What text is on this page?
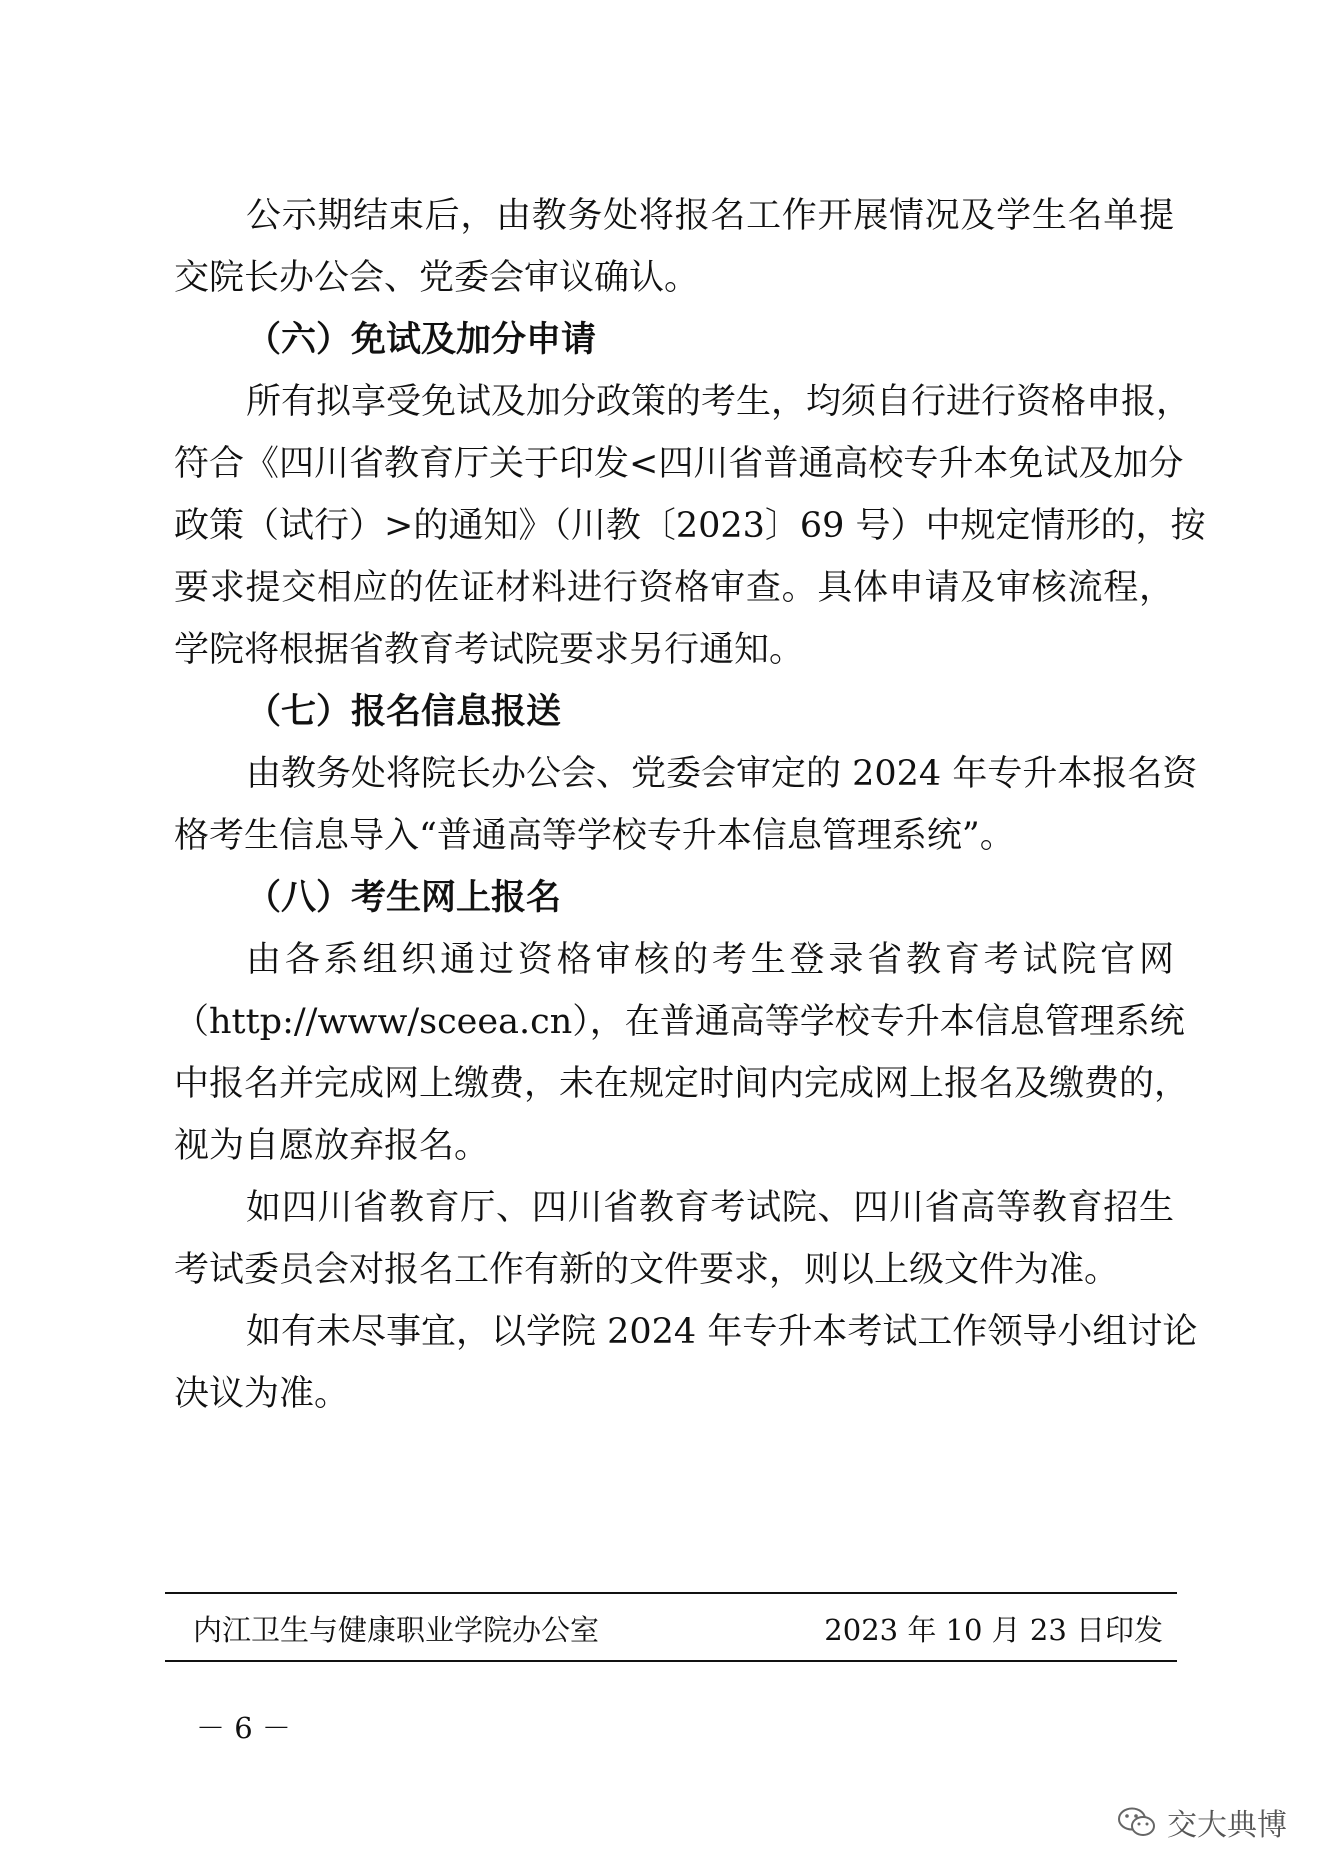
公示期结束后，由教务处将报名工作开展情况及学生名单提
交院长办公会、党委会审议确认。
（六）免试及加分申请
所有拟享受免试及加分政策的考生，均须自行进行资格申报，
符合《四川省教育厅关于印发<四川省普通高校专升本免试及加分
政策（试行）>的通知》（川教〔2023〕69 号）中规定情形的，按
要求提交相应的佐证材料进行资格审查。具体申请及审核流程，
学院将根据省教育考试院要求另行通知。
（七）报名信息报送
由教务处将院长办公会、党委会审定的 2024 年专升本报名资
格考生信息导入“普通高等学校专升本信息管理系统”。
（八）考生网上报名
由各系组织通过资格审核的考生登录省教育考试院官网
（http://www/sceea.cn），在普通高等学校专升本信息管理系统
中报名并完成网上缴费，未在规定时间内完成网上报名及缴费的，
视为自愿放弃报名。
如四川省教育厅、四川省教育考试院、四川省高等教育招生
考试委员会对报名工作有新的文件要求，则以上级文件为准。
如有未尽事宜，以学院 2024 年专升本考试工作领导小组讨论
决议为准。
内江卫生与健康职业学院办公室	2023 年 10 月 23 日印发
－ 6 －
交大典博
